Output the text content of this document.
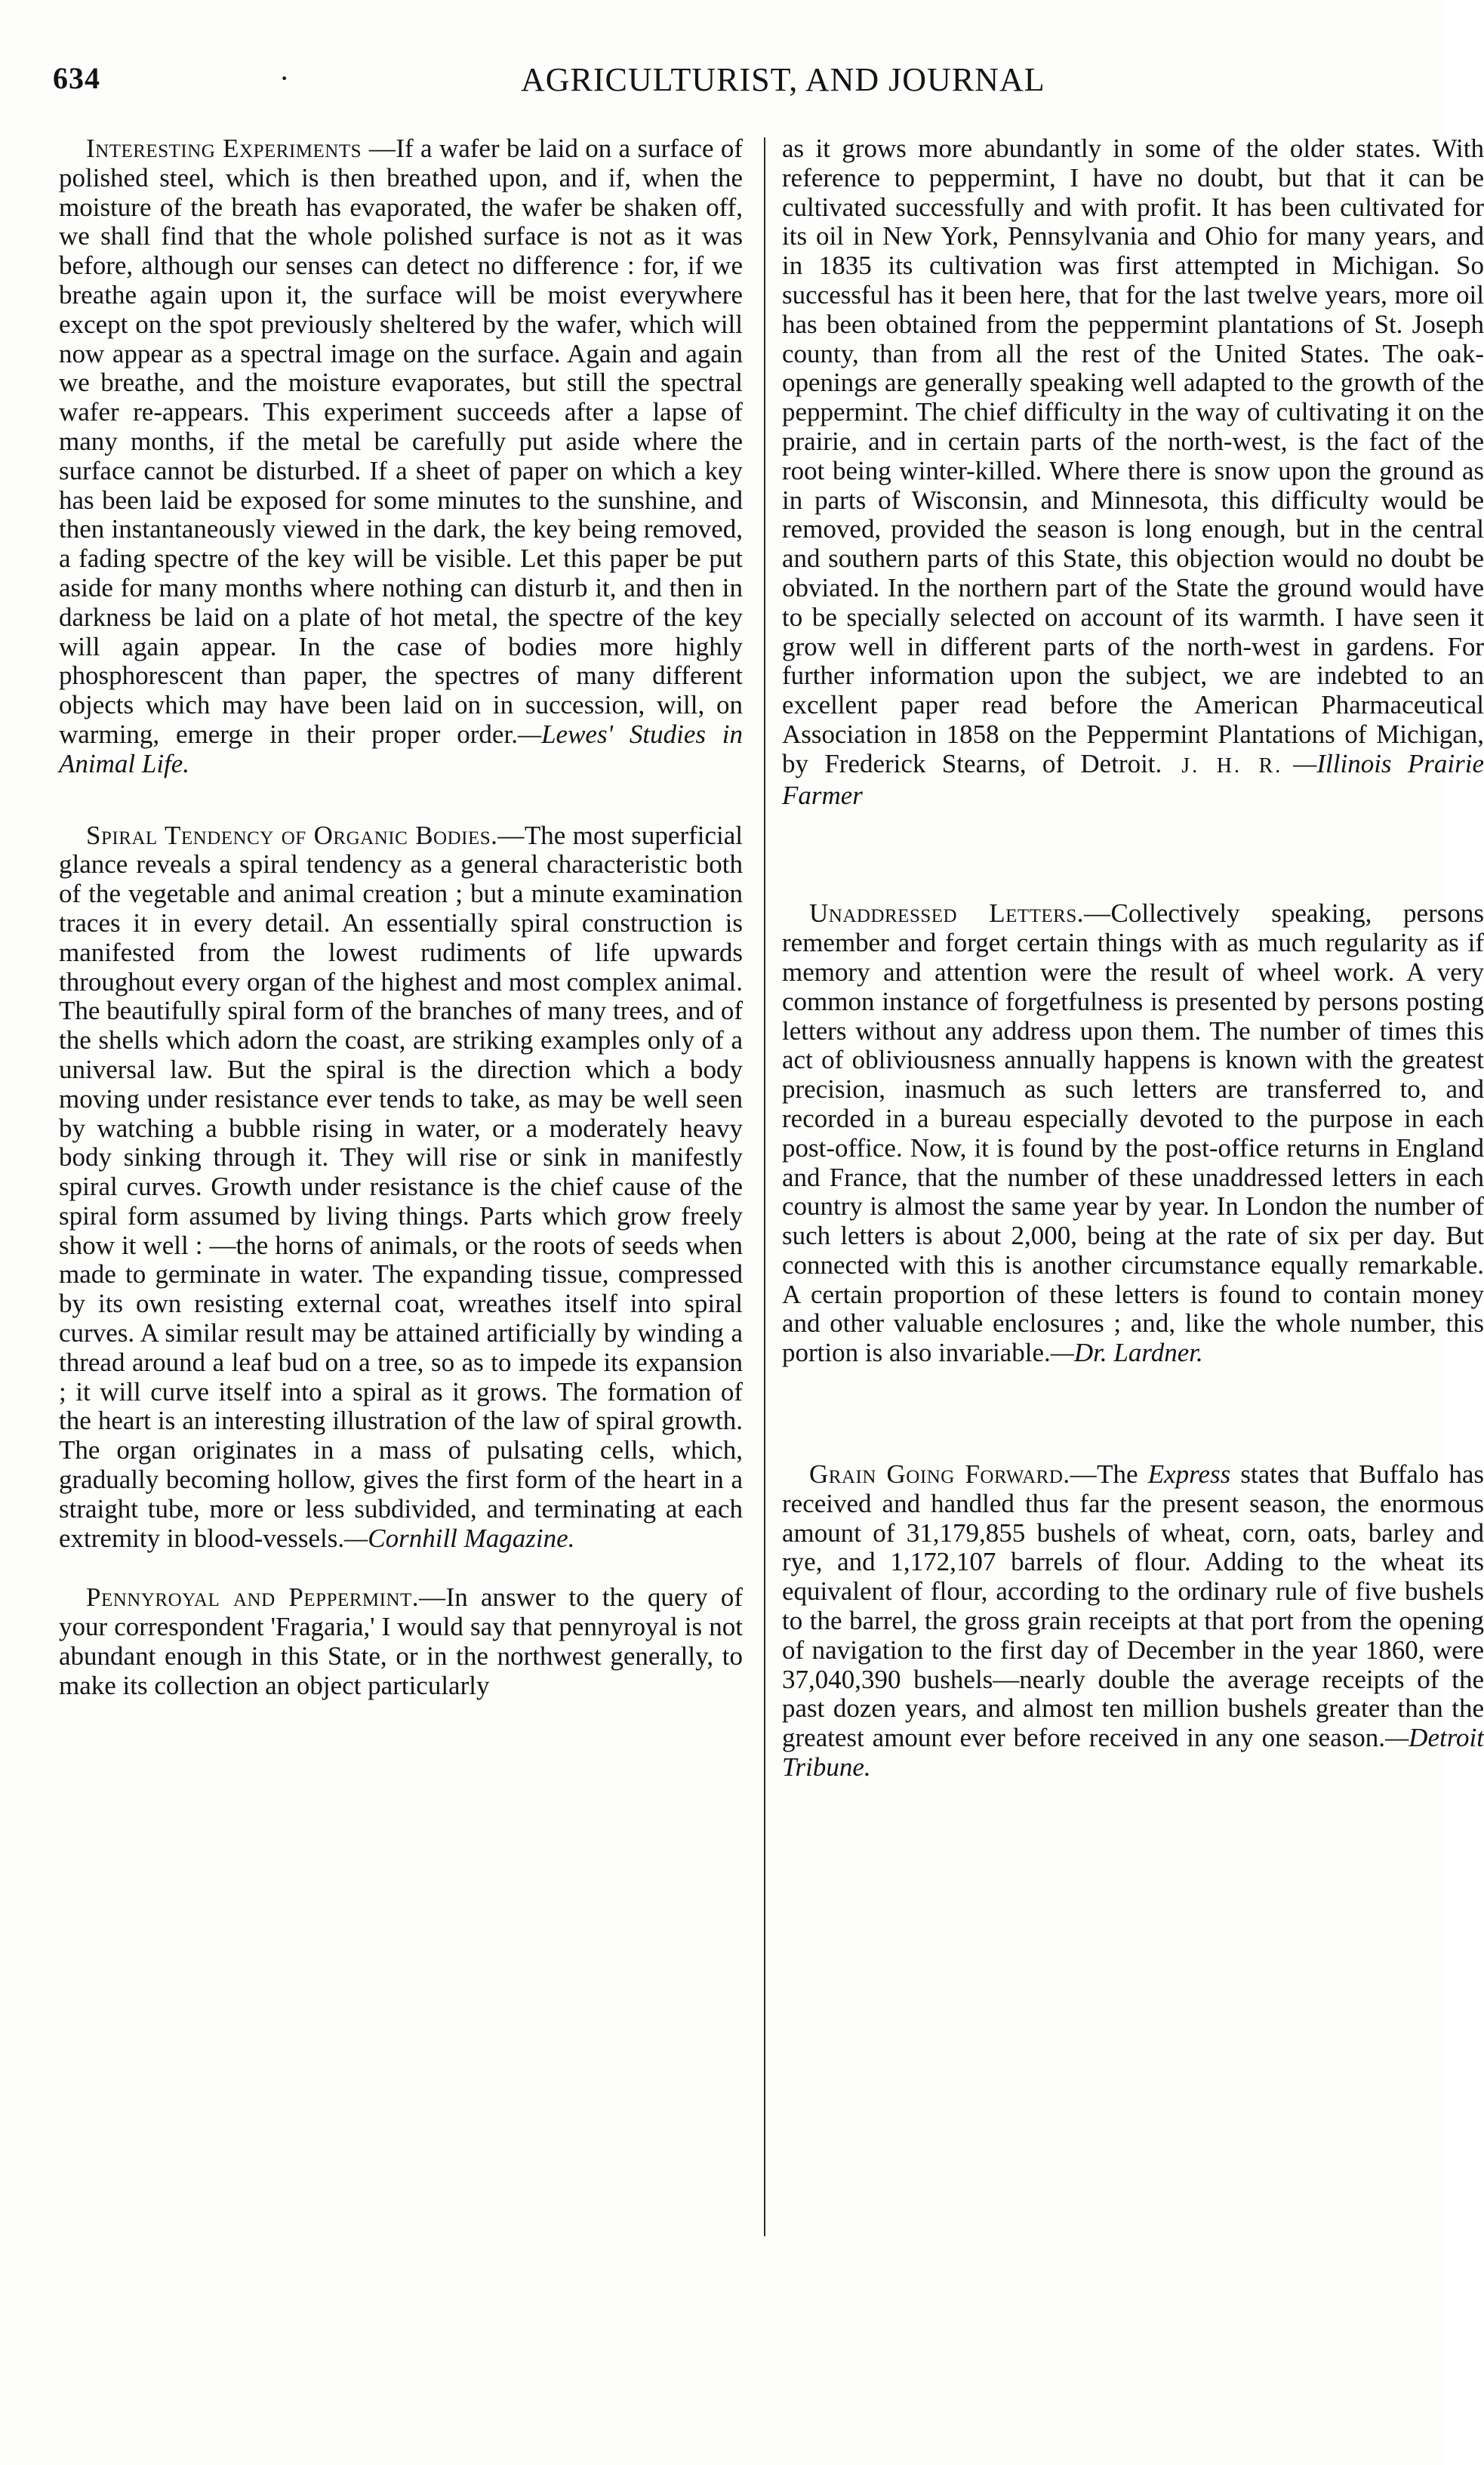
634	·	AGRICULTURIST, AND JOURNAL

Interesting Experiments —If a wafer be laid on a surface of polished steel, which is then breathed upon, and if, when the moisture of the breath has evaporated, the wafer be shaken off, we shall find that the whole polished surface is not as it was before, although our senses can detect no difference : for, if we breathe again upon it, the surface will be moist everywhere except on the spot previously sheltered by the wafer, which will now appear as a spectral image on the surface. Again and again we breathe, and the moisture evaporates, but still the spectral wafer re-appears. This experiment succeeds after a lapse of many months, if the metal be carefully put aside where the surface cannot be disturbed. If a sheet of paper on which a key has been laid be exposed for some minutes to the sunshine, and then instantaneously viewed in the dark, the key being removed, a fading spectre of the key will be visible. Let this paper be put aside for many months where nothing can disturb it, and then in darkness be laid on a plate of hot metal, the spectre of the key will again appear. In the case of bodies more highly phosphorescent than paper, the spectres of many different objects which may have been laid on in succession, will, on warming, emerge in their proper order.—Lewes' Studies in Animal Life.

Spiral Tendency of Organic Bodies.—The most superficial glance reveals a spiral tendency as a general characteristic both of the vegetable and animal creation ; but a minute examination traces it in every detail. An essentially spiral construction is manifested from the lowest rudiments of life upwards throughout every organ of the highest and most complex animal. The beautifully spiral form of the branches of many trees, and of the shells which adorn the coast, are striking examples only of a universal law. But the spiral is the direction which a body moving under resistance ever tends to take, as may be well seen by watching a bubble rising in water, or a moderately heavy body sinking through it. They will rise or sink in manifestly spiral curves. Growth under resistance is the chief cause of the spiral form assumed by living things. Parts which grow freely show it well : —the horns of animals, or the roots of seeds when made to germinate in water. The expanding tissue, compressed by its own resisting external coat, wreathes itself into spiral curves. A similar result may be attained artificially by winding a thread around a leaf bud on a tree, so as to impede its expansion ; it will curve itself into a spiral as it grows. The formation of the heart is an interesting illustration of the law of spiral growth. The organ originates in a mass of pulsating cells, which, gradually becoming hollow, gives the first form of the heart in a straight tube, more or less subdivided, and terminating at each extremity in blood-vessels.—Cornhill Magazine.

Pennyroyal and Peppermint.—In answer to the query of your correspondent 'Fragaria,' I would say that pennyroyal is not abundant enough in this State, or in the northwest generally, to make its collection an object particularly

as it grows more abundantly in some of the older states. With reference to peppermint, I have no doubt, but that it can be cultivated successfully and with profit. It has been cultivated for its oil in New York, Pennsylvania and Ohio for many years, and in 1835 its cultivation was first attempted in Michigan. So successful has it been here, that for the last twelve years, more oil has been obtained from the peppermint plantations of St. Joseph county, than from all the rest of the United States. The oak-openings are generally speaking well adapted to the growth of the peppermint. The chief difficulty in the way of cultivating it on the prairie, and in certain parts of the north-west, is the fact of the root being winter-killed. Where there is snow upon the ground as in parts of Wisconsin, and Minnesota, this difficulty would be removed, provided the season is long enough, but in the central and southern parts of this State, this objection would no doubt be obviated. In the northern part of the State the ground would have to be specially selected on account of its warmth. I have seen it grow well in different parts of the north-west in gardens. For further information upon the subject, we are indebted to an excellent paper read before the American Pharmaceutical Association in 1858 on the Peppermint Plantations of Michigan, by Frederick Stearns, of Detroit. J. H. R. —Illinois Prairie Farmer

Unaddressed Letters.—Collectively speaking, persons remember and forget certain things with as much regularity as if memory and attention were the result of wheel work. A very common instance of forgetfulness is presented by persons posting letters without any address upon them. The number of times this act of obliviousness annually happens is known with the greatest precision, inasmuch as such letters are transferred to, and recorded in a bureau especially devoted to the purpose in each post-office. Now, it is found by the post-office returns in England and France, that the number of these unaddressed letters in each country is almost the same year by year. In London the number of such letters is about 2,000, being at the rate of six per day. But connected with this is another circumstance equally remarkable. A certain proportion of these letters is found to contain money and other valuable enclosures ; and, like the whole number, this portion is also invariable.—Dr. Lardner.

Grain Going Forward.—The Express states that Buffalo has received and handled thus far the present season, the enormous amount of 31,179,855 bushels of wheat, corn, oats, barley and rye, and 1,172,107 barrels of flour. Adding to the wheat its equivalent of flour, according to the ordinary rule of five bushels to the barrel, the gross grain receipts at that port from the opening of navigation to the first day of December in the year 1860, were 37,040,390 bushels—nearly double the average receipts of the past dozen years, and almost ten million bushels greater than the greatest amount ever before received in any one season.—Detroit Tribune.
